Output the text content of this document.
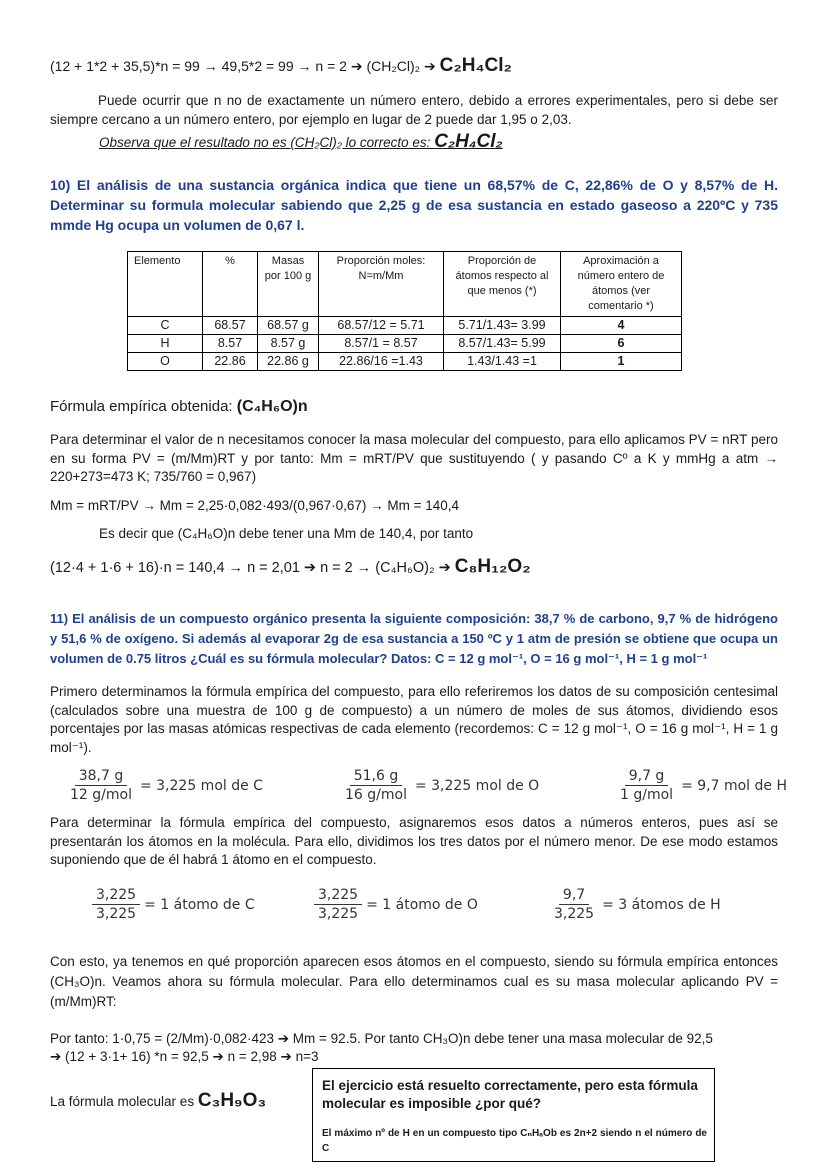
(12 + 1*2 + 35,5)*n = 99 → 49,5*2 = 99 → n = 2 ➔ (CH₂Cl)₂ ➔ C₂H₄Cl₂
Puede ocurrir que n no de exactamente un número entero, debido a errores experimentales, pero si debe ser siempre cercano a un número entero, por ejemplo en lugar de 2 puede dar 1,95 o 2,03.
Observa que el resultado no es (CH₂Cl)₂ lo correcto es: C₂H₄Cl₂
10) El análisis de una sustancia orgánica indica que tiene un 68,57% de C, 22,86% de O y 8,57% de H. Determinar su formula molecular sabiendo que 2,25 g de esa sustancia en estado gaseoso a 220ºC y 735 mmde Hg ocupa un volumen de 0,67 l.
Elemento	%	Masas por 100 g	Proporción moles: N=m/Mm	Proporción de átomos respecto al que menos (*)	Aproximación a número entero de átomos (ver comentario *)
C	68.57	68.57 g	68.57/12 = 5.71	5.71/1.43= 3.99	4
H	8.57	8.57 g	8.57/1 = 8.57	8.57/1.43= 5.99	6
O	22.86	22.86 g	22.86/16 =1.43	1.43/1.43 =1	1
Fórmula empírica obtenida: (C₄H₆O)n
Para determinar el valor de n necesitamos conocer la masa molecular del compuesto, para ello aplicamos PV = nRT pero en su forma PV = (m/Mm)RT y por tanto: Mm = mRT/PV que sustituyendo ( y pasando Cº a K y mmHg a atm → 220+273=473 K; 735/760 = 0,967)
Mm = mRT/PV → Mm = 2,25·0,082·493/(0,967·0,67) → Mm = 140,4
Es decir que (C₄H₆O)n debe tener una Mm de 140,4, por tanto
(12·4 + 1·6 + 16)·n = 140,4 → n = 2,01 ➔ n = 2 → (C₄H₆O)₂ ➔ C₈H₁₂O₂
11) El análisis de un compuesto orgánico presenta la siguiente composición: 38,7 % de carbono, 9,7 % de hidrógeno y 51,6 % de oxígeno. Si además al evaporar 2g de esa sustancia a 150 ºC y 1 atm de presión se obtiene que ocupa un volumen de 0.75 litros ¿Cuál es su fórmula molecular? Datos: C = 12 g mol⁻¹, O = 16 g mol⁻¹, H = 1 g mol⁻¹
Primero determinamos la fórmula empírica del compuesto, para ello referiremos los datos de su composición centesimal (calculados sobre una muestra de 100 g de compuesto) a un número de moles de sus átomos, dividiendo esos porcentajes por las masas atómicas respectivas de cada elemento (recordemos: C = 12 g mol⁻¹, O = 16 g mol⁻¹, H = 1 g mol⁻¹).
$\frac{38,7 g}{\text{12 g/mol}} = 3,225$ mol de C	$\frac{51,6 g}{\text{16 g/mol}} = 3,225$ mol de O	$\frac{9,7 g}{\text{1 g/mol}} = 9,7$ mol de H
Para determinar la fórmula empírica del compuesto, asignaremos esos datos a números enteros, pues así se presentarán los átomos en la molécula. Para ello, dividimos los tres datos por el número menor. De ese modo estamos suponiendo que de él habrá 1 átomo en el compuesto.
$\frac{3,225}{3,225} = 1$ átomo de C	$\frac{3,225}{3,225} = 1$ átomo de O	$\frac{9,7}{3,225} = 3$ átomos de H
Con esto, ya tenemos en qué proporción aparecen esos átomos en el compuesto, siendo su fórmula empírica entonces (CH₃O)n. Veamos ahora su fórmula molecular. Para ello determinamos cual es su masa molecular aplicando PV = (m/Mm)RT:
Por tanto: 1·0,75 = (2/Mm)·0,082·423 ➔ Mm = 92.5. Por tanto CH₃O)n debe tener una masa molecular de 92,5
➔ (12 + 3·1+ 16) *n = 92,5 ➔ n = 2,98 ➔ n=3
La fórmula molecular es C₃H₉O₃
El ejercicio está resuelto correctamente, pero esta fórmula molecular es imposible ¿por qué?
El máximo nº de H en un compuesto tipo CₙHₐOb es 2n+2 siendo n el número de C
